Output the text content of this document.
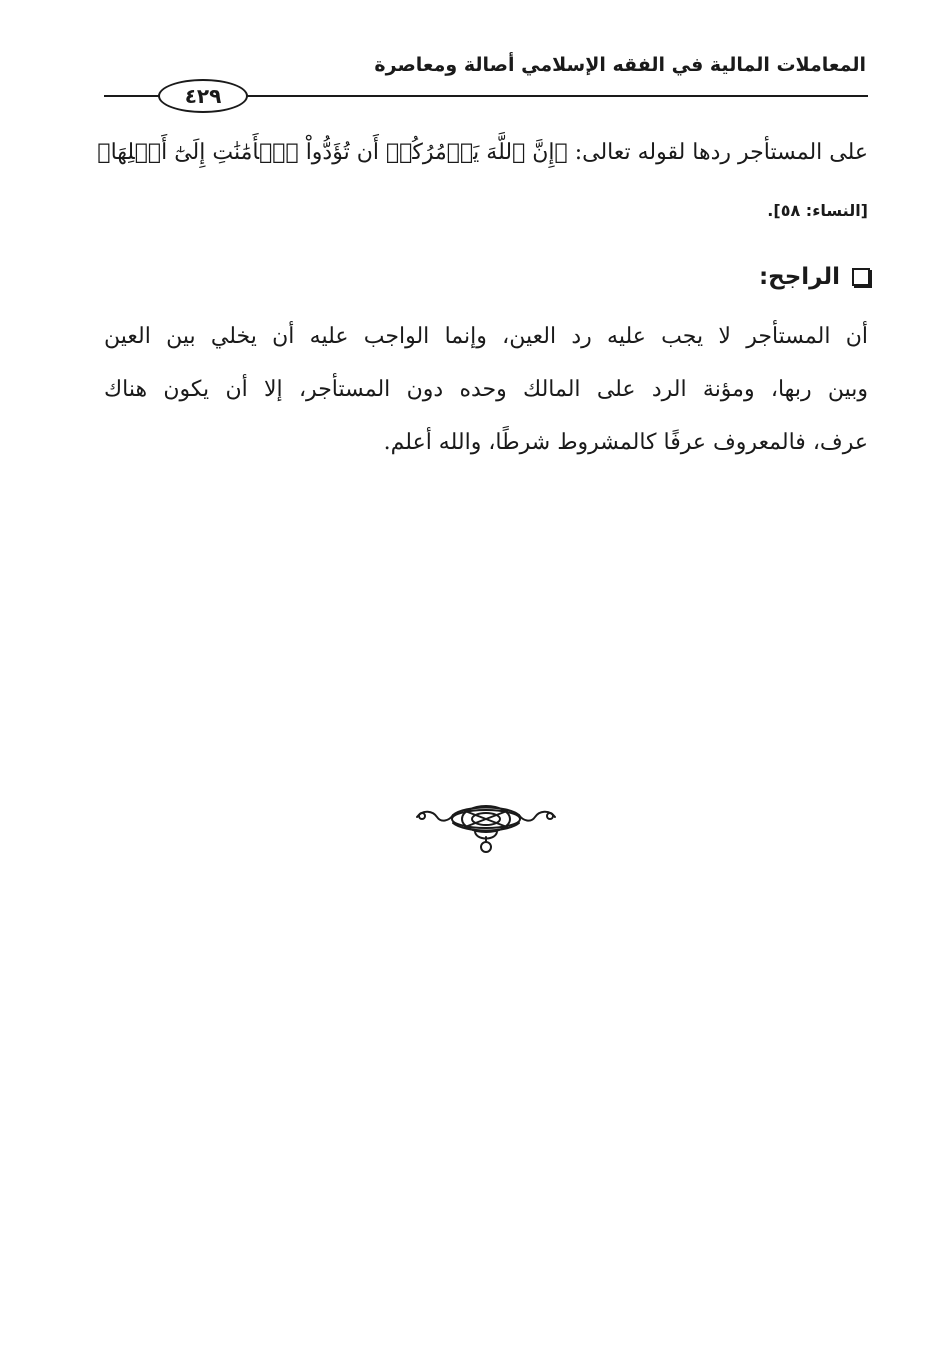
المعاملات المالية في الفقه الإسلامي أصالة ومعاصرة
٤٢٩
على المستأجر ردها لقوله تعالى: ﴿إِنَّ ٱللَّهَ يَأۡمُرُكُمۡ أَن تُؤَدُّواْ ٱلۡأَمَٰنَٰتِ إِلَىٰٓ أَهۡلِهَا﴾
[النساء: ٥٨].
الراجح:
أن المستأجر لا يجب عليه رد العين، وإنما الواجب عليه أن يخلي بين العين
وبين ربها، ومؤنة الرد على المالك وحده دون المستأجر، إلا أن يكون هناك
عرف، فالمعروف عرفًا كالمشروط شرطًا، والله أعلم.
